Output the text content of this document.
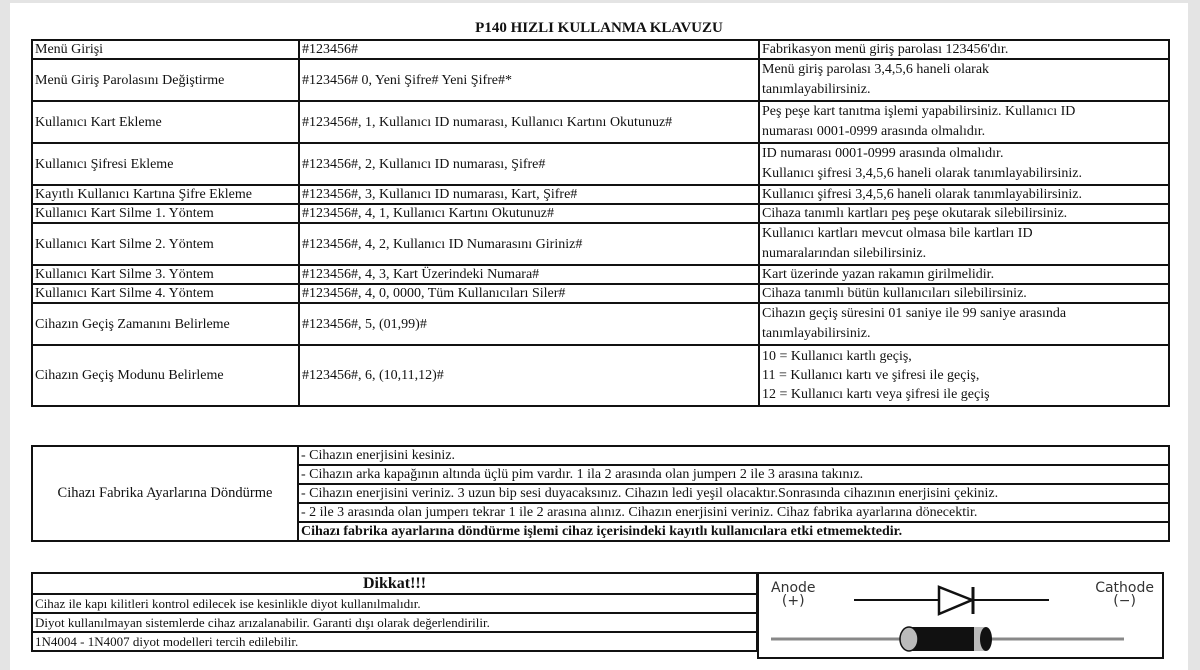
P140 HIZLI KULLANMA KLAVUZU
Menü Girişi	#123456#	Fabrikasyon menü giriş parolası 123456'dır.

Menü Giriş Parolasını Değiştirme	#123456# 0, Yeni Şifre# Yeni Şifre#*	Menü giriş parolası 3,4,5,6 haneli olarak
tanımlayabilirsiniz.

Kullanıcı Kart Ekleme	#123456#, 1, Kullanıcı ID numarası, Kullanıcı Kartını Okutunuz#	Peş peşe kart tanıtma işlemi yapabilirsiniz. Kullanıcı ID
numarası 0001-0999 arasında olmalıdır.

Kullanıcı Şifresi Ekleme	#123456#, 2, Kullanıcı ID numarası, Şifre#	ID numarası 0001-0999 arasında olmalıdır.
Kullanıcı şifresi 3,4,5,6 haneli olarak tanımlayabilirsiniz.

Kayıtlı Kullanıcı Kartına Şifre Ekleme	#123456#, 3, Kullanıcı ID numarası, Kart, Şifre#	Kullanıcı şifresi 3,4,5,6 haneli olarak tanımlayabilirsiniz.

Kullanıcı Kart Silme 1. Yöntem	#123456#, 4, 1, Kullanıcı Kartını Okutunuz#	Cihaza tanımlı kartları peş peşe okutarak silebilirsiniz.

Kullanıcı Kart Silme 2. Yöntem	#123456#, 4, 2, Kullanıcı ID Numarasını Giriniz#	Kullanıcı kartları mevcut olmasa bile kartları ID
numaralarından silebilirsiniz.

Kullanıcı Kart Silme 3. Yöntem	#123456#, 4, 3, Kart Üzerindeki Numara#	Kart üzerinde yazan rakamın girilmelidir.

Kullanıcı Kart Silme 4. Yöntem	#123456#, 4, 0, 0000, Tüm Kullanıcıları Siler#	Cihaza tanımlı bütün kullanıcıları silebilirsiniz.

Cihazın Geçiş Zamanını Belirleme	#123456#, 5, (01,99)#	Cihazın geçiş süresini 01 saniye ile 99 saniye arasında
tanımlayabilirsiniz.

Cihazın Geçiş Modunu Belirleme	#123456#, 6, (10,11,12)#	10 = Kullanıcı kartlı geçiş,
11 = Kullanıcı kartı ve şifresi ile geçiş,
12 = Kullanıcı kartı veya şifresi ile geçiş
Cihazı Fabrika Ayarlarına Döndürme	- Cihazın enerjisini kesiniz.
- Cihazın arka kapağının altında üçlü pim vardır. 1 ila 2 arasında olan jumperı 2 ile 3 arasına takınız.
- Cihazın enerjisini veriniz. 3 uzun bip sesi duyacaksınız. Cihazın ledi yeşil olacaktır.Sonrasında cihazının enerjisini çekiniz.
- 2 ile 3 arasında olan jumperı tekrar 1 ile 2 arasına alınız. Cihazın enerjisini veriniz. Cihaz fabrika ayarlarına dönecektir.
Cihazı fabrika ayarlarına döndürme işlemi cihaz içerisindeki kayıtlı kullanıcılara etki etmemektedir.
Dikkat!!!
Cihaz ile kapı kilitleri kontrol edilecek ise kesinlikle diyot kullanılmalıdır.
Diyot kullanılmayan sistemlerde cihaz arızalanabilir. Garanti dışı olarak değerlendirilir.
1N4004 - 1N4007 diyot modelleri tercih edilebilir.
Anode
(+)
Cathode
(−)
